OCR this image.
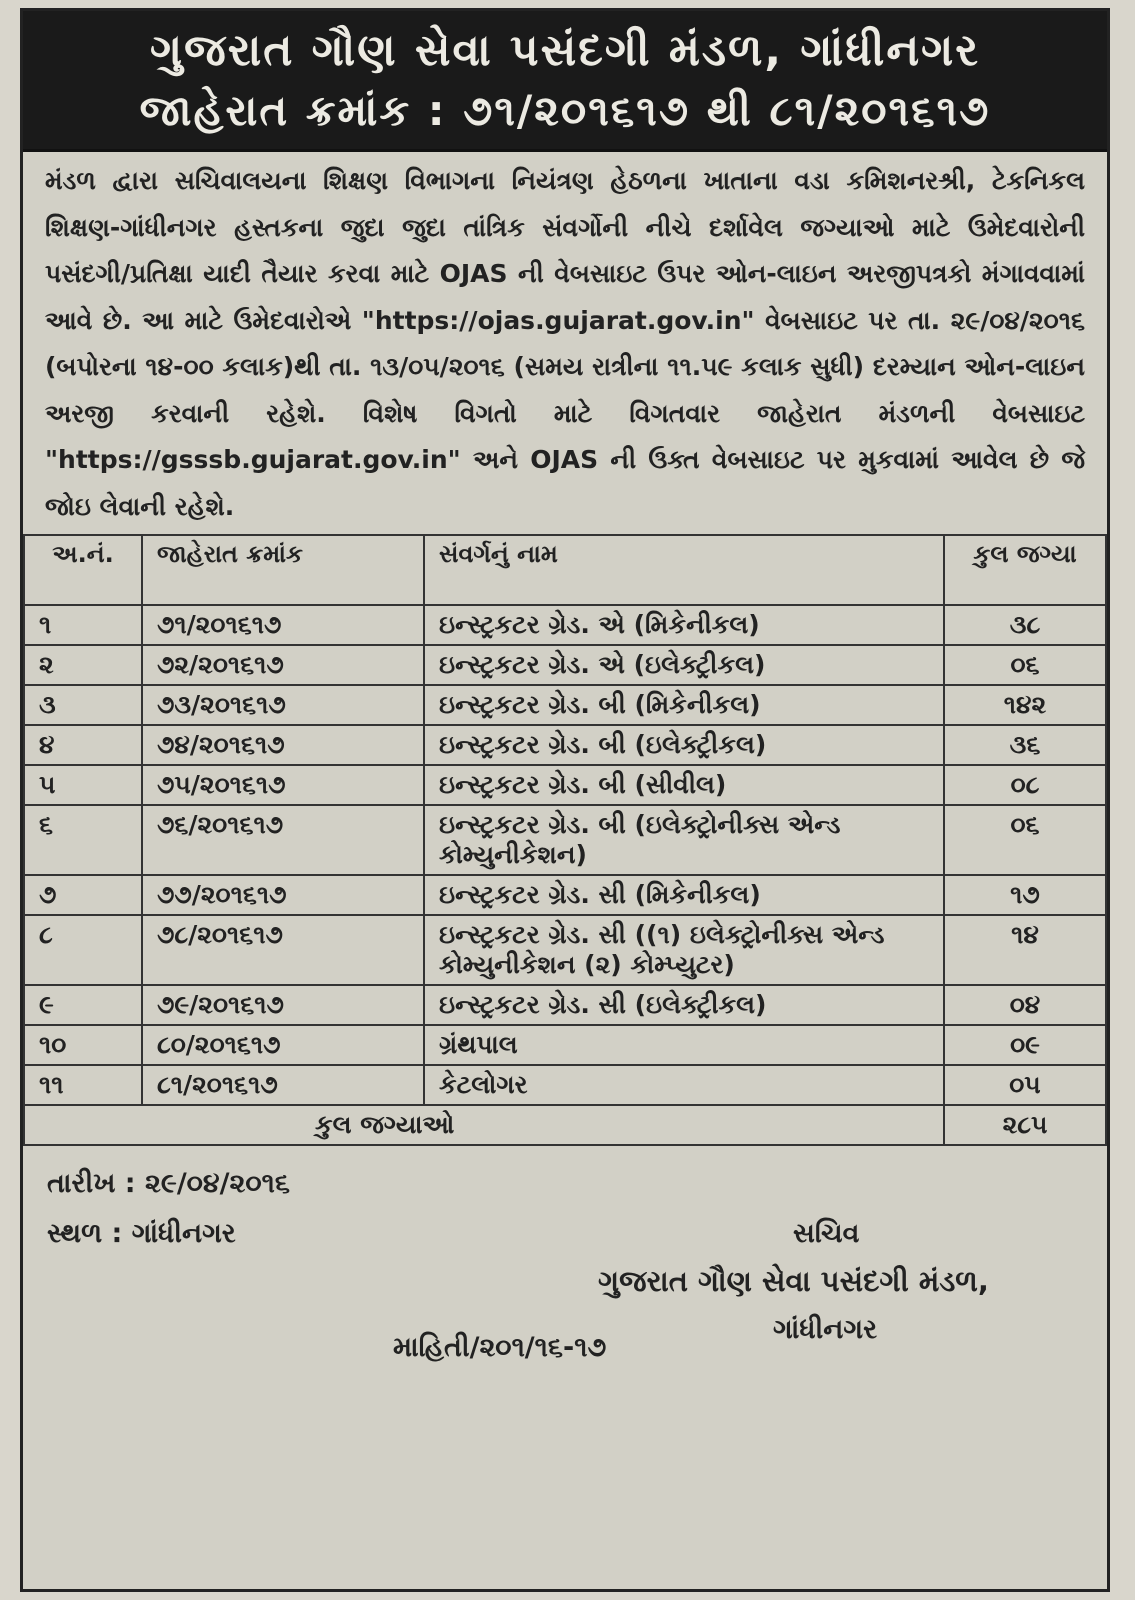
ગુજરાત ગૌણ સેવા પસંદગી મંડળ, ગાંધીનગર
જાહેરાત ક્રમાંક : ૭૧/૨૦૧૬૧૭ થી ૮૧/૨૦૧૬૧૭
મંડળ દ્વારા સચિવાલયના શિક્ષણ વિભાગના નિયંત્રણ હેઠળના ખાતાના વડા કમિશનરશ્રી, ટેકનિકલ શિક્ષણ-ગાંધીનગર હસ્તકના જુદા જુદા તાંત્રિક સંવર્ગોની નીચે દર્શાવેલ જગ્યાઓ માટે ઉમેદવારોની પસંદગી/પ્રતિક્ષા યાદી તૈયાર કરવા માટે OJAS ની વેબસાઇટ ઉપર ઓન-લાઇન અરજીપત્રકો મંગાવવામાં આવે છે. આ માટે ઉમેદવારોએ "https://ojas.gujarat.gov.in" વેબસાઇટ પર તા. ૨૯/૦૪/૨૦૧૬ (બપોરના ૧૪-૦૦ કલાક)થી તા. ૧૩/૦૫/૨૦૧૬ (સમય રાત્રીના ૧૧.૫૯ કલાક સુધી) દરમ્યાન ઓન-લાઇન અરજી કરવાની રહેશે. વિશેષ વિગતો માટે વિગતવાર જાહેરાત મંડળની વેબસાઇટ "https://gsssb.gujarat.gov.in" અને OJAS ની ઉક્ત વેબસાઇટ પર મુકવામાં આવેલ છે જે જોઇ લેવાની રહેશે.
અ.નં.	જાહેરાત ક્રમાંક	સંવર્ગનું નામ	કુલ જગ્યા
૧	૭૧/૨૦૧૬૧૭	ઇન્સ્ટ્રકટર ગ્રેડ. એ (મિકેનીકલ)	૩૮
૨	૭૨/૨૦૧૬૧૭	ઇન્સ્ટ્રકટર ગ્રેડ. એ (ઇલેક્ટ્રીકલ)	૦૬
૩	૭૩/૨૦૧૬૧૭	ઇન્સ્ટ્રકટર ગ્રેડ. બી (મિકેનીકલ)	૧૪૨
૪	૭૪/૨૦૧૬૧૭	ઇન્સ્ટ્રકટર ગ્રેડ. બી (ઇલેક્ટ્રીકલ)	૩૬
૫	૭૫/૨૦૧૬૧૭	ઇન્સ્ટ્રકટર ગ્રેડ. બી (સીવીલ)	૦૮
૬	૭૬/૨૦૧૬૧૭	ઇન્સ્ટ્રકટર ગ્રેડ. બી (ઇલેક્ટ્રોનીક્સ એન્ડ કોમ્યુનીકેશન)	૦૬
૭	૭૭/૨૦૧૬૧૭	ઇન્સ્ટ્રકટર ગ્રેડ. સી (મિકેનીકલ)	૧૭
૮	૭૮/૨૦૧૬૧૭	ઇન્સ્ટ્રકટર ગ્રેડ. સી ((૧) ઇલેક્ટ્રોનીક્સ એન્ડ કોમ્યુનીકેશન (૨) કોમ્પ્યુટર)	૧૪
૯	૭૯/૨૦૧૬૧૭	ઇન્સ્ટ્રકટર ગ્રેડ. સી (ઇલેક્ટ્રીકલ)	૦૪
૧૦	૮૦/૨૦૧૬૧૭	ગ્રંથપાલ	૦૯
૧૧	૮૧/૨૦૧૬૧૭	કેટલોગર	૦૫
કુલ જગ્યાઓ			૨૮૫
તારીખ : ૨૯/૦૪/૨૦૧૬
સ્થળ : ગાંધીનગર	સચિવ
ગુજરાત ગૌણ સેવા પસંદગી મંડળ,
ગાંધીનગર
માહિતી/૨૦૧/૧૬-૧૭
